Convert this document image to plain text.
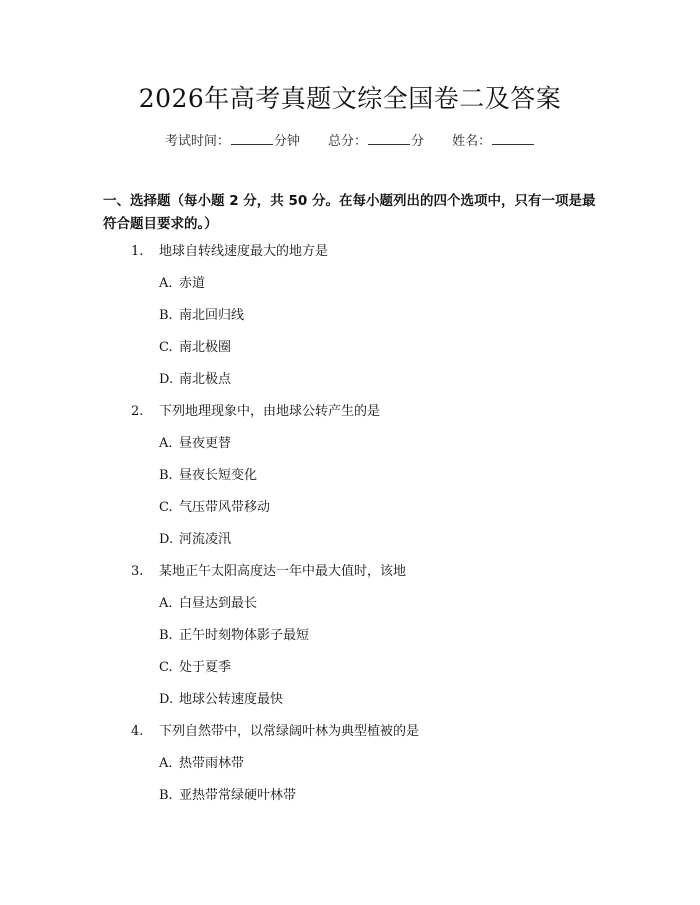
2026年高考真题文综全国卷二及答案
考试时间：	分钟 总分：	分 姓名：
一、选择题（每小题 2 分，共 50 分。在每小题列出的四个选项中，只有一项是最符合题目要求的。）
1. 地球自转线速度最大的地方是
A. 赤道
B. 南北回归线
C. 南北极圈
D. 南北极点
2. 下列地理现象中，由地球公转产生的是
A. 昼夜更替
B. 昼夜长短变化
C. 气压带风带移动
D. 河流凌汛
3. 某地正午太阳高度达一年中最大值时，该地
A. 白昼达到最长
B. 正午时刻物体影子最短
C. 处于夏季
D. 地球公转速度最快
4. 下列自然带中，以常绿阔叶林为典型植被的是
A. 热带雨林带
B. 亚热带常绿硬叶林带
